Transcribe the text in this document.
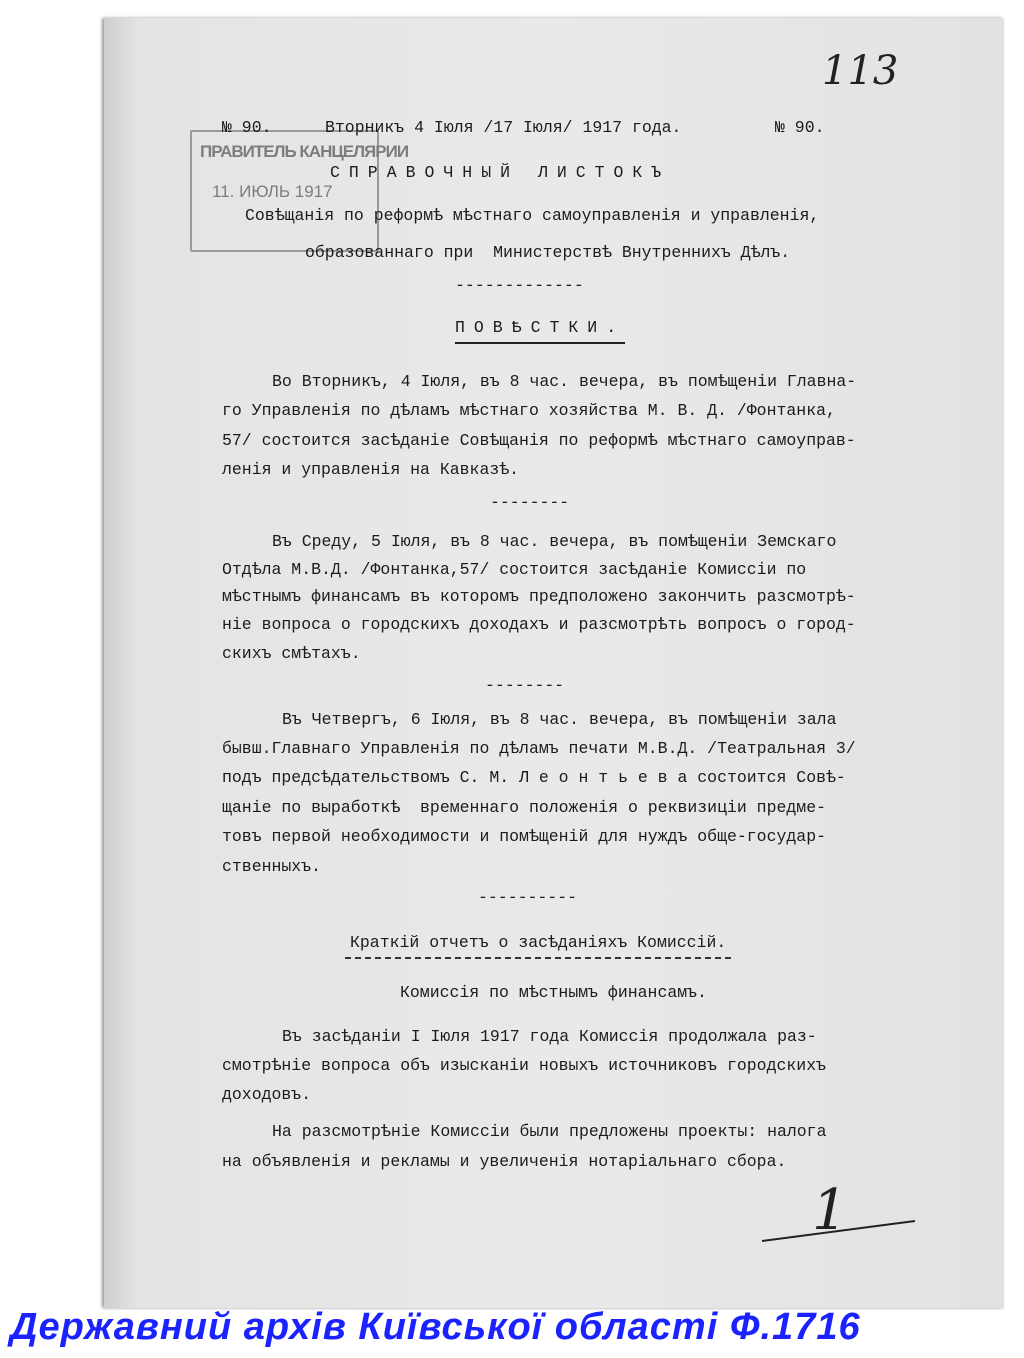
113
ПРАВИТЕЛЬ КАНЦЕЛЯРИИ
11. ИЮЛЬ 1917
№ 90.	Вторникъ 4 Іюля /17 Іюля/ 1917 года.	№ 90.
СПРАВОЧНЫЙ ЛИСТОКЪ
Совѣщанія по реформѣ мѣстнаго самоуправленія и управленія,
образованнаго при  Министерствѣ Внутреннихъ Дѣлъ.
-------------
ПОВѢСТКИ.
Во Вторникъ, 4 Іюля, въ 8 час. вечера, въ помѣщеніи Главна-
го Управленія по дѣламъ мѣстнаго хозяйства М. В. Д. /Фонтанка,
57/ состоится засѣданіе Совѣщанія по реформѣ мѣстнаго самоуправ-
ленія и управленія на Кавказѣ.
--------
Въ Среду, 5 Іюля, въ 8 час. вечера, въ помѣщеніи Земскаго
Отдѣла М.В.Д. /Фонтанка,57/ состоится засѣданіе Комиссіи по
мѣстнымъ финансамъ въ которомъ предположено закончить разсмотрѣ-
ніе вопроса о городскихъ доходахъ и разсмотрѣть вопросъ о город-
скихъ смѣтахъ.
--------
Въ Четвергъ, 6 Іюля, въ 8 час. вечера, въ помѣщеніи зала
бывш.Главнаго Управленія по дѣламъ печати М.В.Д. /Театральная 3/
подъ предсѣдательствомъ С. М. Л е о н т ь е в а состоится Совѣ-
щаніе по выработкѣ  временнаго положенія о реквизиціи предме-
товъ первой необходимости и помѣщеній для нуждъ обще-государ-
ственныхъ.
----------
Краткій отчетъ о засѣданіяхъ Комиссій.
Комиссія по мѣстнымъ финансамъ.
Въ засѣданіи I Іюля 1917 года Комиссія продолжала раз-
смотрѣніе вопроса объ изысканіи новыхъ источниковъ городскихъ
доходовъ.
На разсмотрѣніе Комиссіи были предложены проекты: налога
на объявленія и рекламы и увеличенія нотаріальнаго сбора.
1
Державний архів Київської області Ф.1716
